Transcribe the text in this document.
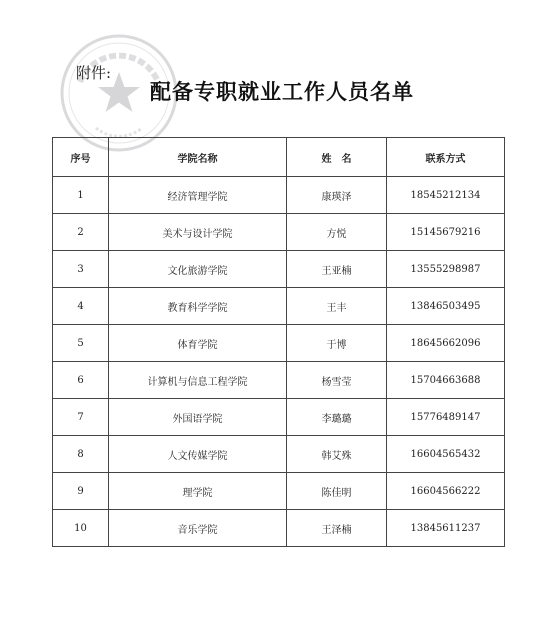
附件:
配备专职就业工作人员名单
序号	学院名称	姓　名	联系方式
1	经济管理学院	康瑛泽	18545212134
2	美术与设计学院	方悦	15145679216
3	文化旅游学院	王亚楠	13555298987
4	教育科学学院	王丰	13846503495
5	体育学院	于博	18645662096
6	计算机与信息工程学院	杨雪莹	15704663688
7	外国语学院	李璐璐	15776489147
8	人文传媒学院	韩艾殊	16604565432
9	理学院	陈佳明	16604566222
10	音乐学院	王泽楠	13845611237
